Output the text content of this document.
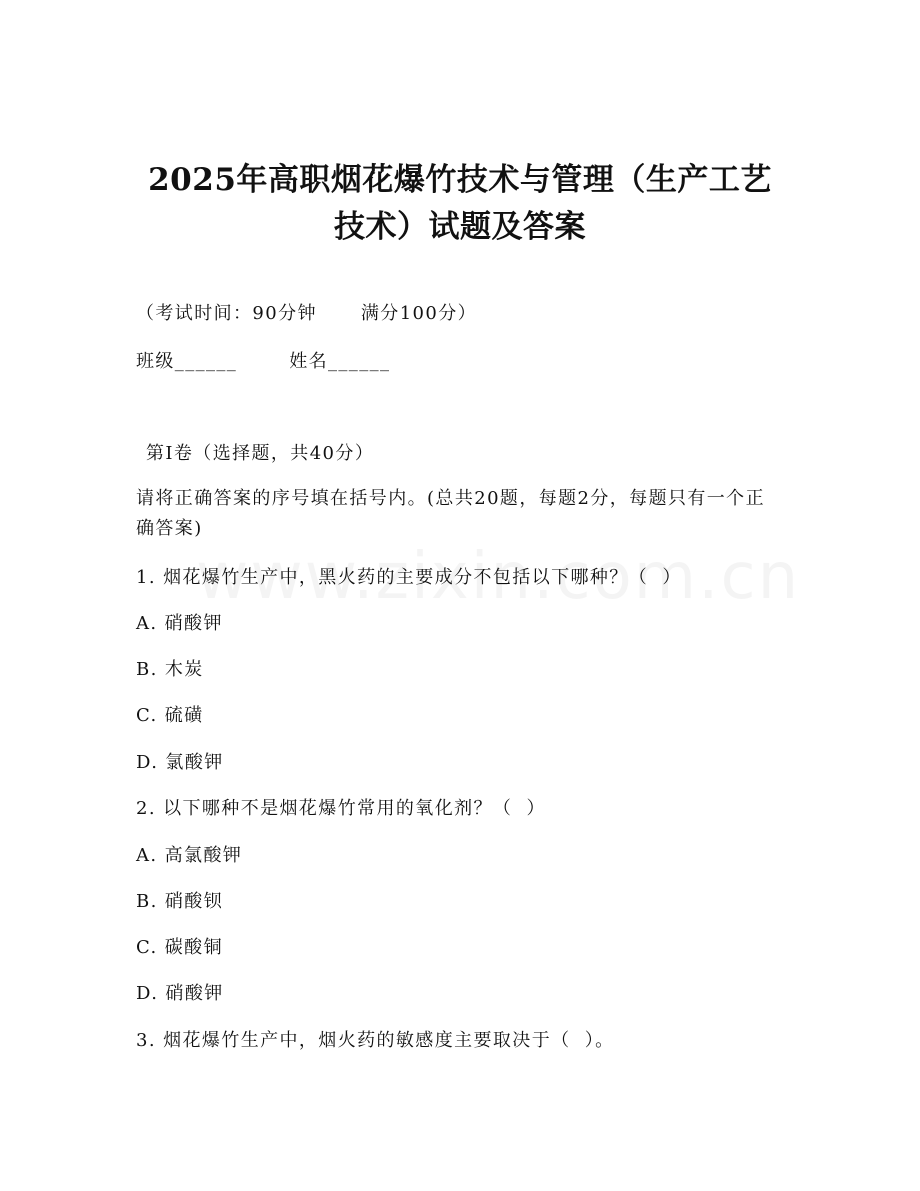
2025年高职烟花爆竹技术与管理（生产工艺
技术）试题及答案
（考试时间：90分钟 满分100分）
班级______	姓名______
第Ⅰ卷（选择题，共40分）
请将正确答案的序号填在括号内。(总共20题，每题2分，每题只有一个正确答案)
1. 烟花爆竹生产中，黑火药的主要成分不包括以下哪种？（  ）
A. 硝酸钾
B. 木炭
C. 硫磺
D. 氯酸钾
2. 以下哪种不是烟花爆竹常用的氧化剂？（  ）
A. 高氯酸钾
B. 硝酸钡
C. 碳酸铜
D. 硝酸钾
3. 烟花爆竹生产中，烟火药的敏感度主要取决于（  ）。
